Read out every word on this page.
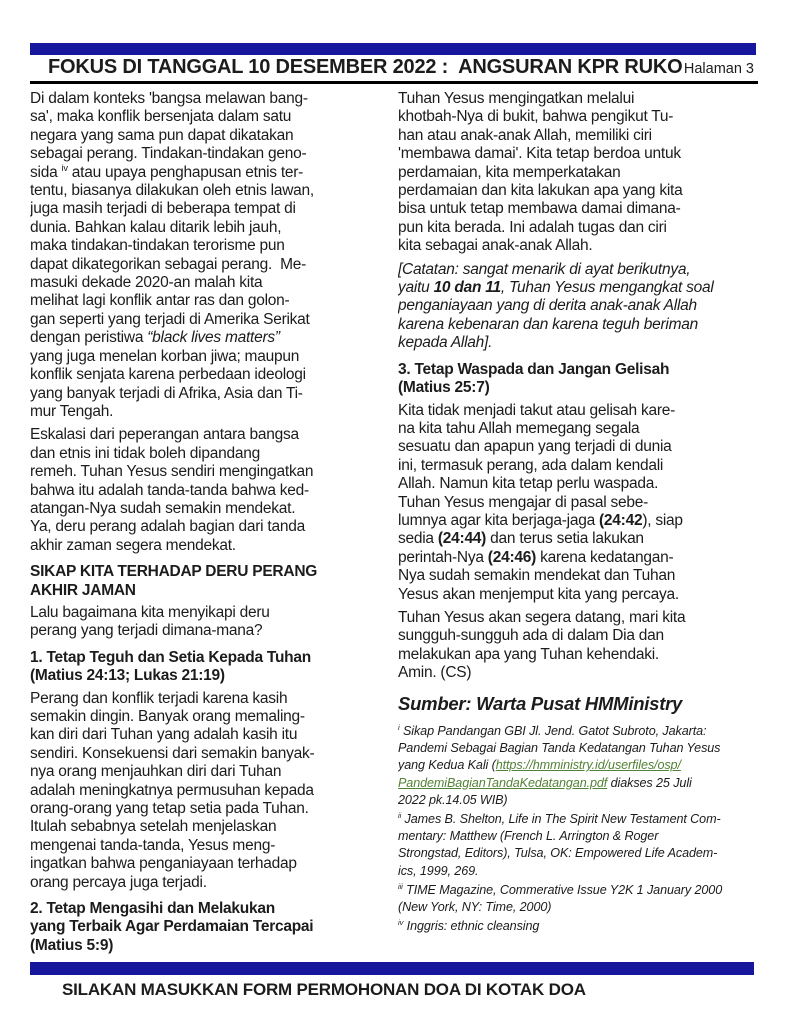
FOKUS DI TANGGAL 10 DESEMBER 2022 :  ANGSURAN KPR RUKO Halaman 3
Di dalam konteks 'bangsa melawan bang-
sa', maka konflik bersenjata dalam satu
negara yang sama pun dapat dikatakan
sebagai perang. Tindakan-tindakan geno-
sida $^{iv}$ atau upaya penghapusan etnis ter-
tentu, biasanya dilakukan oleh etnis lawan,
juga masih terjadi di beberapa tempat di
dunia. Bahkan kalau ditarik lebih jauh,
maka tindakan-tindakan terorisme pun
dapat dikategorikan sebagai perang.  Me-
masuki dekade 2020-an malah kita
melihat lagi konflik antar ras dan golon-
gan seperti yang terjadi di Amerika Serikat
dengan peristiwa “black lives matters”
yang juga menelan korban jiwa; maupun
konflik senjata karena perbedaan ideologi
yang banyak terjadi di Afrika, Asia dan Ti-
mur Tengah.
Eskalasi dari peperangan antara bangsa
dan etnis ini tidak boleh dipandang
remeh. Tuhan Yesus sendiri mengingatkan
bahwa itu adalah tanda-tanda bahwa ked-
atangan-Nya sudah semakin mendekat.
Ya, deru perang adalah bagian dari tanda
akhir zaman segera mendekat.
SIKAP KITA TERHADAP DERU PERANG
AKHIR JAMAN
Lalu bagaimana kita menyikapi deru
perang yang terjadi dimana-mana?
1. Tetap Teguh dan Setia Kepada Tuhan
(Matius 24:13; Lukas 21:19)
Perang dan konflik terjadi karena kasih
semakin dingin. Banyak orang memaling-
kan diri dari Tuhan yang adalah kasih itu
sendiri. Konsekuensi dari semakin banyak-
nya orang menjauhkan diri dari Tuhan
adalah meningkatnya permusuhan kepada
orang-orang yang tetap setia pada Tuhan.
Itulah sebabnya setelah menjelaskan
mengenai tanda-tanda, Yesus meng-
ingatkan bahwa penganiayaan terhadap
orang percaya juga terjadi.
2. Tetap Mengasihi dan Melakukan
yang Terbaik Agar Perdamaian Tercapai
(Matius 5:9)
Tuhan Yesus mengingatkan melalui
khotbah-Nya di bukit, bahwa pengikut Tu-
han atau anak-anak Allah, memiliki ciri
'membawa damai'. Kita tetap berdoa untuk
perdamaian, kita memperkatakan
perdamaian dan kita lakukan apa yang kita
bisa untuk tetap membawa damai dimana-
pun kita berada. Ini adalah tugas dan ciri
kita sebagai anak-anak Allah.
[Catatan: sangat menarik di ayat berikutnya,
yaitu 10 dan 11, Tuhan Yesus mengangkat soal
penganiayaan yang di derita anak-anak Allah
karena kebenaran dan karena teguh beriman
kepada Allah].
3. Tetap Waspada dan Jangan Gelisah
(Matius 25:7)
Kita tidak menjadi takut atau gelisah kare-
na kita tahu Allah memegang segala
sesuatu dan apapun yang terjadi di dunia
ini, termasuk perang, ada dalam kendali
Allah. Namun kita tetap perlu waspada.
Tuhan Yesus mengajar di pasal sebe-
lumnya agar kita berjaga-jaga (24:42), siap
sedia (24:44) dan terus setia lakukan
perintah-Nya (24:46) karena kedatangan-
Nya sudah semakin mendekat dan Tuhan
Yesus akan menjemput kita yang percaya.
Tuhan Yesus akan segera datang, mari kita
sungguh-sungguh ada di dalam Dia dan
melakukan apa yang Tuhan kehendaki.
Amin. (CS)
Sumber: Warta Pusat HMMinistry
$^i$ Sikap Pandangan GBI Jl. Jend. Gatot Subroto, Jakarta:
Pandemi Sebagai Bagian Tanda Kedatangan Tuhan Yesus
yang Kedua Kali (https://hmministry.id/userfiles/osp/
PandemiBagianTandaKedatangan.pdf diakses 25 Juli
2022 pk.14.05 WIB)
$^{ii}$ James B. Shelton, Life in The Spirit New Testament Com-
mentary: Matthew (French L. Arrington & Roger
Strongstad, Editors), Tulsa, OK: Empowered Life Academ-
ics, 1999, 269.
$^{iii}$ TIME Magazine, Commerative Issue Y2K 1 January 2000
(New York, NY: Time, 2000)
$^{iv}$ Inggris: ethnic cleansing
SILAKAN MASUKKAN FORM PERMOHONAN DOA DI KOTAK DOA
